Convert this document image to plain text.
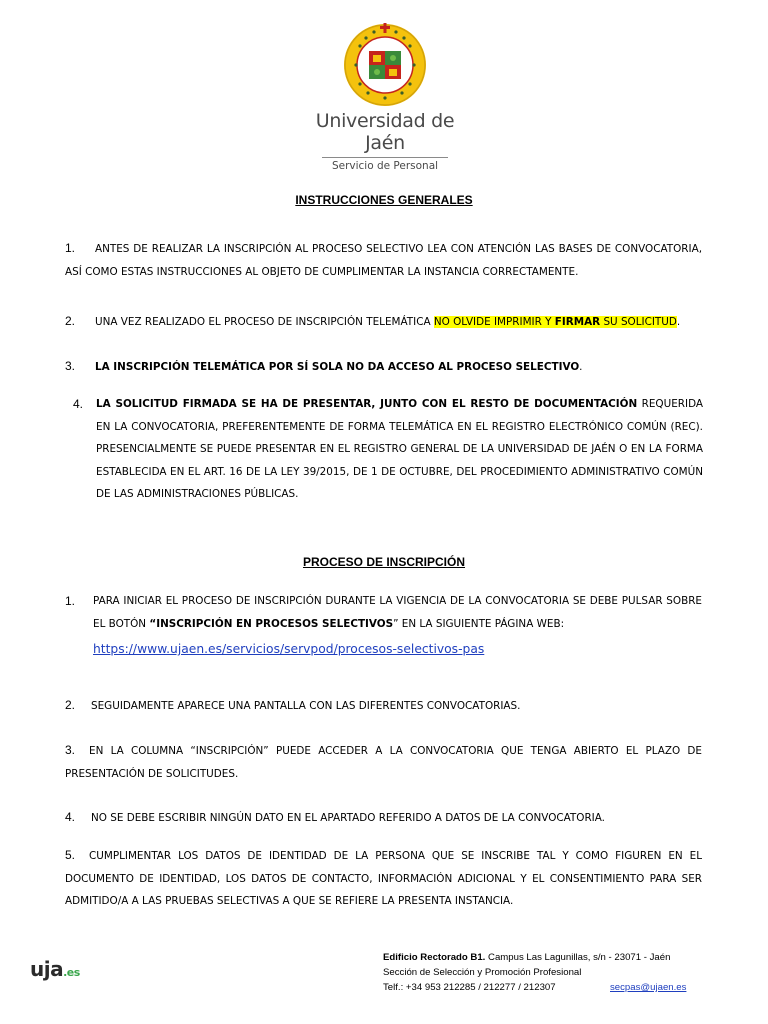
Universidad de Jaén
Servicio de Personal
INSTRUCCIONES GENERALES
1. ANTES DE REALIZAR LA INSCRIPCIÓN AL PROCESO SELECTIVO LEA CON ATENCIÓN LAS BASES DE CONVOCATORIA, ASÍ COMO ESTAS INSTRUCCIONES AL OBJETO DE CUMPLIMENTAR LA INSTANCIA CORRECTAMENTE.
2. UNA VEZ REALIZADO EL PROCESO DE INSCRIPCIÓN TELEMÁTICA NO OLVIDE IMPRIMIR Y FIRMAR SU SOLICITUD.
3. LA INSCRIPCIÓN TELEMÁTICA POR SÍ SOLA NO DA ACCESO AL PROCESO SELECTIVO.
4. LA SOLICITUD FIRMADA SE HA DE PRESENTAR, JUNTO CON EL RESTO DE DOCUMENTACIÓN REQUERIDA EN LA CONVOCATORIA, PREFERENTEMENTE DE FORMA TELEMÁTICA EN EL REGISTRO ELECTRÓNICO COMÚN (REC). PRESENCIALMENTE SE PUEDE PRESENTAR EN EL REGISTRO GENERAL DE LA UNIVERSIDAD DE JAÉN O EN LA FORMA ESTABLECIDA EN EL ART. 16 DE LA LEY 39/2015, DE 1 DE OCTUBRE, DEL PROCEDIMIENTO ADMINISTRATIVO COMÚN DE LAS ADMINISTRACIONES PÚBLICAS.
PROCESO DE INSCRIPCIÓN
1. PARA INICIAR EL PROCESO DE INSCRIPCIÓN DURANTE LA VIGENCIA DE LA CONVOCATORIA SE DEBE PULSAR SOBRE EL BOTÓN “INSCRIPCIÓN EN PROCESOS SELECTIVOS” EN LA SIGUIENTE PÁGINA WEB:
https://www.ujaen.es/servicios/servpod/procesos-selectivos-pas
2. SEGUIDAMENTE APARECE UNA PANTALLA CON LAS DIFERENTES CONVOCATORIAS.
3. EN LA COLUMNA “INSCRIPCIÓN” PUEDE ACCEDER A LA CONVOCATORIA QUE TENGA ABIERTO EL PLAZO DE PRESENTACIÓN DE SOLICITUDES.
4. NO SE DEBE ESCRIBIR NINGÚN DATO EN EL APARTADO REFERIDO A DATOS DE LA CONVOCATORIA.
5. CUMPLIMENTAR LOS DATOS DE IDENTIDAD DE LA PERSONA QUE SE INSCRIBE TAL Y COMO FIGUREN EN EL DOCUMENTO DE IDENTIDAD, LOS DATOS DE CONTACTO, INFORMACIÓN ADICIONAL Y EL CONSENTIMIENTO PARA SER ADMITIDO/A A LAS PRUEBAS SELECTIVAS A QUE SE REFIERE LA PRESENTA INSTANCIA.
uja.es
Edificio Rectorado B1. Campus Las Lagunillas, s/n - 23071 - Jaén
Sección de Selección y Promoción Profesional
Telf.: +34 953 212285 / 212277 / 212307	secpas@ujaen.es
